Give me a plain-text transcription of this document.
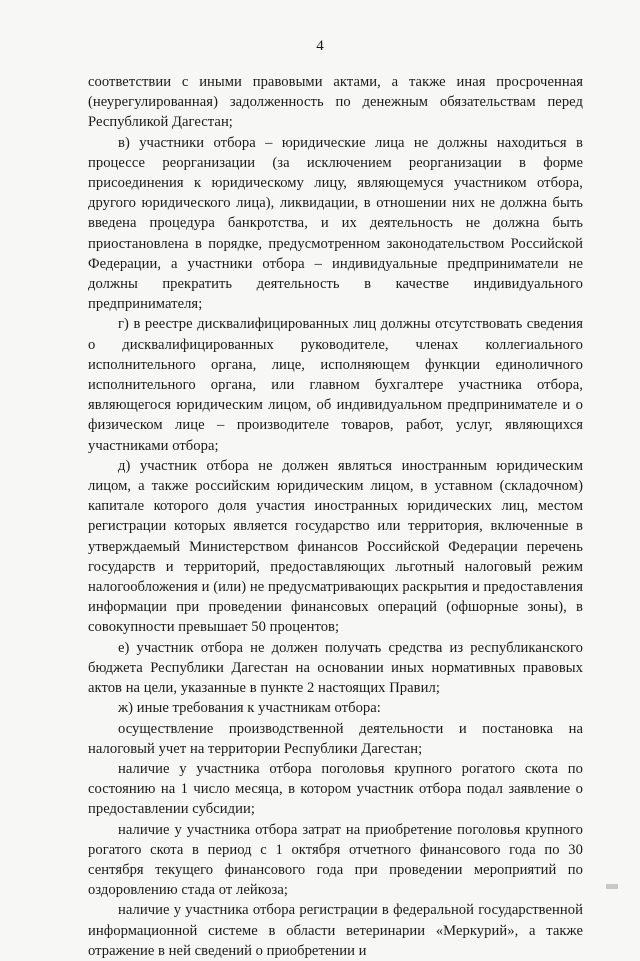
4

соответствии с иными правовыми актами, а также иная просроченная (неурегулированная) задолженность по денежным обязательствам перед Республикой Дагестан;

в) участники отбора – юридические лица не должны находиться в процессе реорганизации (за исключением реорганизации в форме присоединения к юридическому лицу, являющемуся участником отбора, другого юридического лица), ликвидации, в отношении них не должна быть введена процедура банкротства, и их деятельность не должна быть приостановлена в порядке, предусмотренном законодательством Российской Федерации, а участники отбора – индивидуальные предприниматели не должны прекратить деятельность в качестве индивидуального предпринимателя;

г) в реестре дисквалифицированных лиц должны отсутствовать сведения о дисквалифицированных руководителе, членах коллегиального исполнительного органа, лице, исполняющем функции единоличного исполнительного органа, или главном бухгалтере участника отбора, являющегося юридическим лицом, об индивидуальном предпринимателе и о физическом лице – производителе товаров, работ, услуг, являющихся участниками отбора;

д) участник отбора не должен являться иностранным юридическим лицом, а также российским юридическим лицом, в уставном (складочном) капитале которого доля участия иностранных юридических лиц, местом регистрации которых является государство или территория, включенные в утверждаемый Министерством финансов Российской Федерации перечень государств и территорий, предоставляющих льготный налоговый режим налогообложения и (или) не предусматривающих раскрытия и предоставления информации при проведении финансовых операций (офшорные зоны), в совокупности превышает 50 процентов;

е) участник отбора не должен получать средства из республиканского бюджета Республики Дагестан на основании иных нормативных правовых актов на цели, указанные в пункте 2 настоящих Правил;

ж) иные требования к участникам отбора:

осуществление производственной деятельности и постановка на налоговый учет на территории Республики Дагестан;

наличие у участника отбора поголовья крупного рогатого скота по состоянию на 1 число месяца, в котором участник отбора подал заявление о предоставлении субсидии;

наличие у участника отбора затрат на приобретение поголовья крупного рогатого скота в период с 1 октября отчетного финансового года по 30 сентября текущего финансового года при проведении мероприятий по оздоровлению стада от лейкоза;

наличие у участника отбора регистрации в федеральной государственной информационной системе в области ветеринарии «Меркурий», а также отражение в ней сведений о приобретении и
